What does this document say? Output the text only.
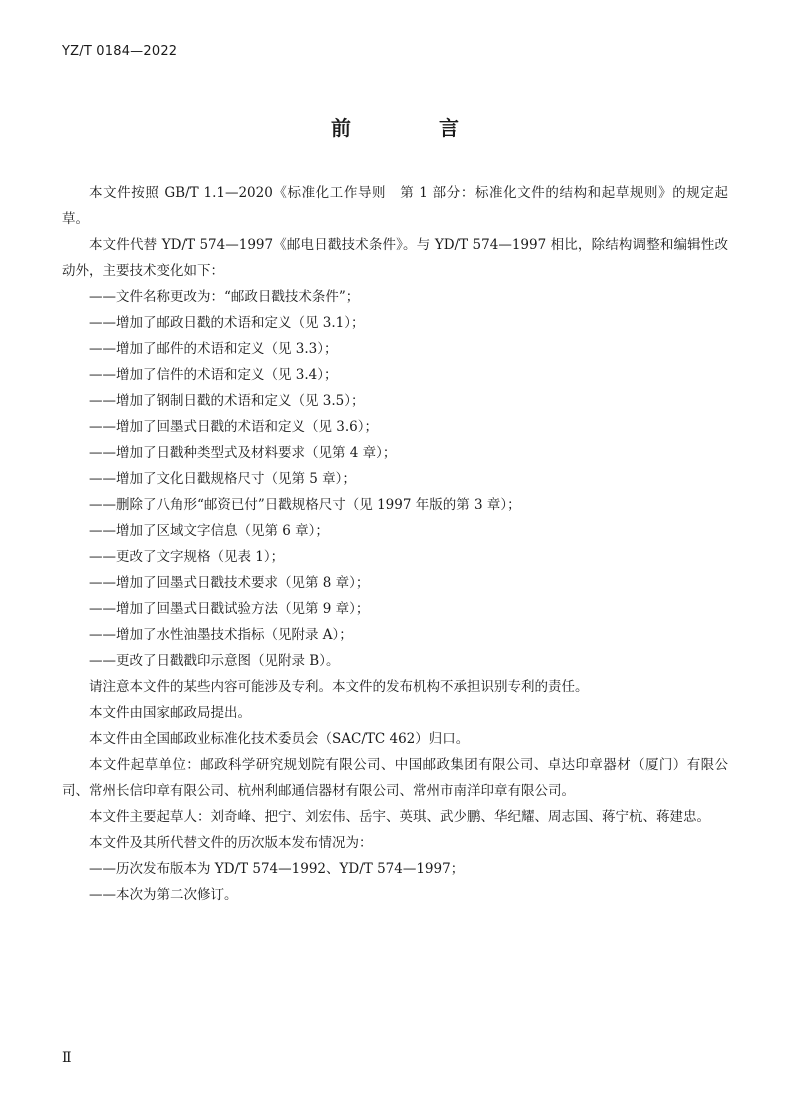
YZ/T 0184—2022
前　言

本文件按照 GB/T 1.1—2020《标准化工作导则　第 1 部分：标准化文件的结构和起草规则》的规定起草。

本文件代替 YD/T 574—1997《邮电日戳技术条件》。与 YD/T 574—1997 相比，除结构调整和编辑性改动外，主要技术变化如下：

——文件名称更改为：“邮政日戳技术条件”；

——增加了邮政日戳的术语和定义（见 3.1）；

——增加了邮件的术语和定义（见 3.3）；

——增加了信件的术语和定义（见 3.4）；

——增加了钢制日戳的术语和定义（见 3.5）；

——增加了回墨式日戳的术语和定义（见 3.6）；

——增加了日戳种类型式及材料要求（见第 4 章）；

——增加了文化日戳规格尺寸（见第 5 章）；

——删除了八角形“邮资已付”日戳规格尺寸（见 1997 年版的第 3 章）；

——增加了区域文字信息（见第 6 章）；

——更改了文字规格（见表 1）；

——增加了回墨式日戳技术要求（见第 8 章）；

——增加了回墨式日戳试验方法（见第 9 章）；

——增加了水性油墨技术指标（见附录 A）；

——更改了日戳戳印示意图（见附录 B）。

请注意本文件的某些内容可能涉及专利。本文件的发布机构不承担识别专利的责任。

本文件由国家邮政局提出。

本文件由全国邮政业标准化技术委员会（SAC/TC 462）归口。

本文件起草单位：邮政科学研究规划院有限公司、中国邮政集团有限公司、卓达印章器材（厦门）有限公司、常州长信印章有限公司、杭州利邮通信器材有限公司、常州市南洋印章有限公司。

本文件主要起草人：刘奇峰、把宁、刘宏伟、岳宇、英琪、武少鹏、华纪耀、周志国、蒋宁杭、蒋建忠。

本文件及其所代替文件的历次版本发布情况为：

——历次发布版本为 YD/T 574—1992、YD/T 574—1997；

——本次为第二次修订。

Ⅱ
